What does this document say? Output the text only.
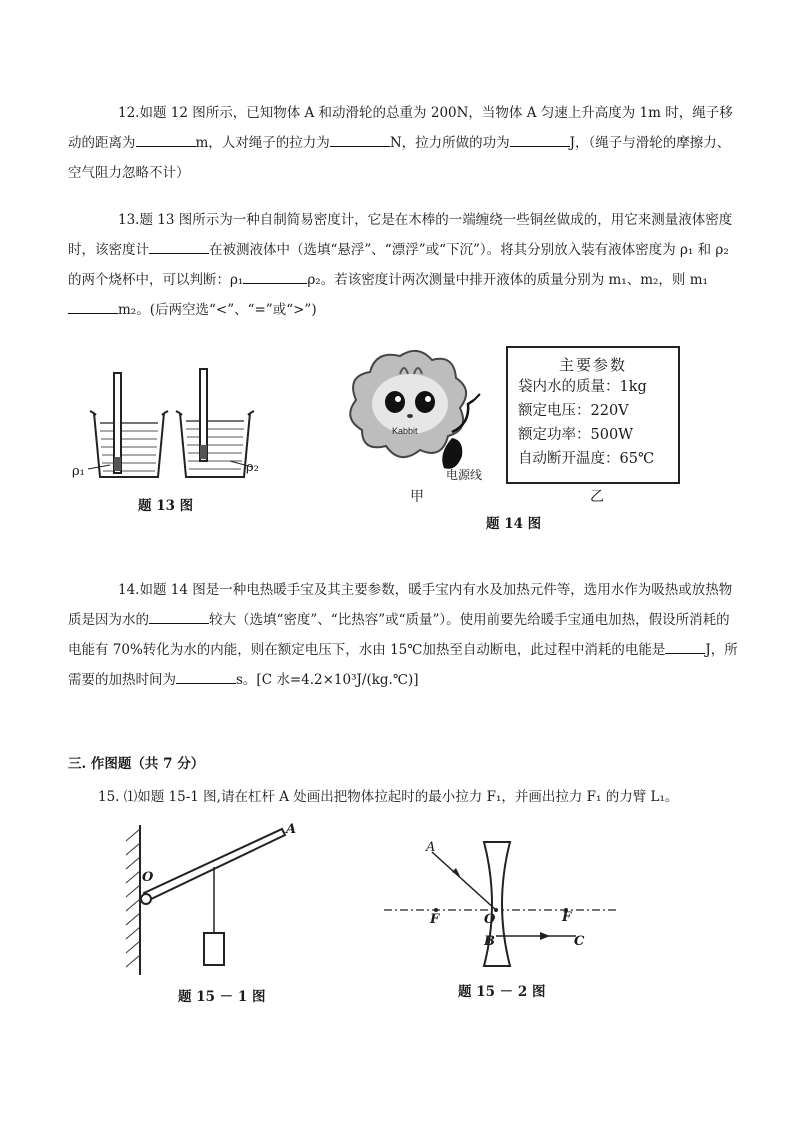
12.如题 12 图所示，已知物体 A 和动滑轮的总重为 200N，当物体 A 匀速上升高度为 1m 时，绳子移动的距离为	m，人对绳子的拉力为	N，拉力所做的功为	J，（绳子与滑轮的摩擦力、空气阻力忽略不计）
13.题 13 图所示为一种自制简易密度计，它是在木棒的一端缠绕一些铜丝做成的，用它来测量液体密度时，该密度计	在被测液体中（选填“悬浮”、“漂浮”或“下沉”）。将其分别放入装有液体密度为 ρ₁ 和 ρ₂ 的两个烧杯中，可以判断：ρ₁	ρ₂。若该密度计两次测量中排开液体的质量分别为 m₁、m₂，则 m₁m₂。(后两空选“<”、“=”或“>”)
ρ₁	ρ₂
题 13 图
Kabbit
电源线
甲
主要参数
袋内水的质量：1kg
额定电压：220V
额定功率：500W
自动断开温度：65℃
乙
题 14 图
14.如题 14 图是一种电热暖手宝及其主要参数，暖手宝内有水及加热元件等，选用水作为吸热或放热物质是因为水的	较大（选填“密度”、“比热容”或“质量”）。使用前要先给暖手宝通电加热，假设所消耗的电能有 70%转化为水的内能，则在额定电压下，水由 15℃加热至自动断电，此过程中消耗的电能是	J，所需要的加热时间为	s。[C 水=4.2×10³J/(kg.℃)]
三. 作图题（共 7 分）
15. ⑴如题 15-1 图,请在杠杆 A 处画出把物体拉起时的最小拉力 F₁，并画出拉力 F₁ 的力臂 L₁。
O
A
题 15 － 1 图
A
F	O	F
B	C
题 15 － 2 图
